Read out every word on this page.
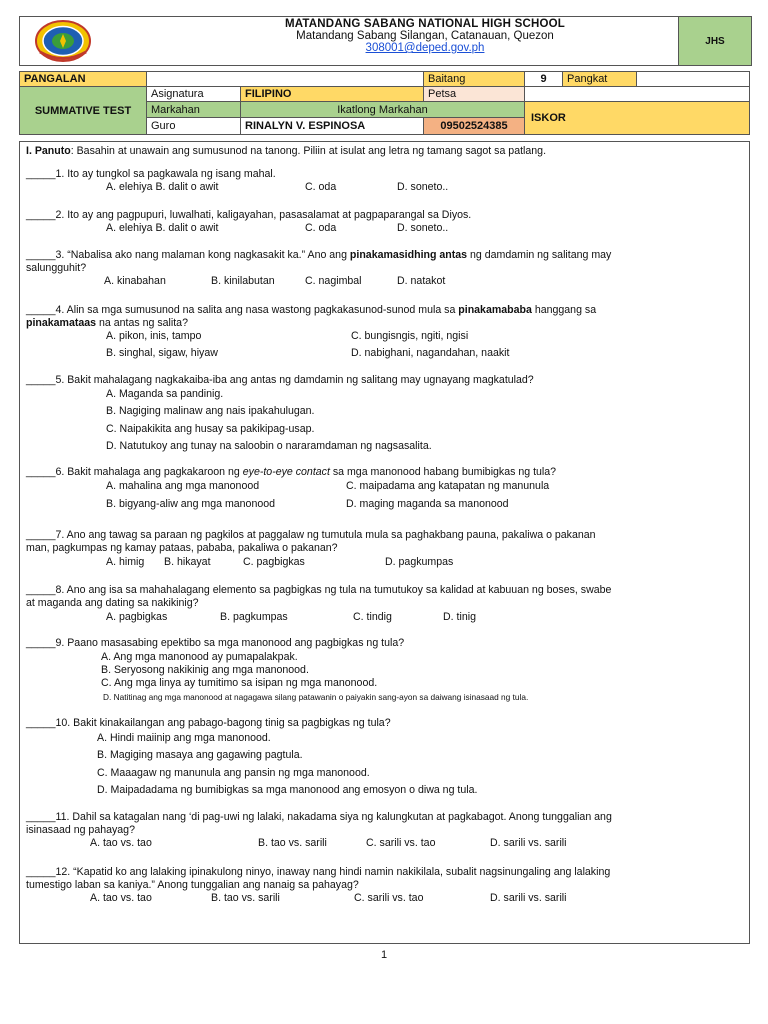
MATANDANG SABANG NATIONAL HIGH SCHOOL
Matandang Sabang Silangan, Catanauan, Quezon
308001@deped.gov.ph
JHS
PANGALAN	Baitang	9	Pangkat
SUMMATIVE TEST
Asignatura	FILIPINO	Petsa
Markahan	Ikatlong Markahan
ISKOR
Guro	RINALYN V. ESPINOSA	09502524385
I. Panuto: Basahin at unawain ang sumusunod na tanong. Piliin at isulat ang letra ng tamang sagot sa patlang.
_____1. Ito ay tungkol sa pagkawala ng isang mahal.
A. elehiya B. dalit o awit	C. oda	D. soneto..
_____2. Ito ay ang pagpupuri, luwalhati, kaligayahan, pasasalamat at pagpaparangal sa Diyos.
A. elehiya B. dalit o awit	C. oda	D. soneto..
_____3. “Nabalisa ako nang malaman kong nagkasakit ka.” Ano ang pinakamasidhing antas ng damdamin ng salitang may
salungguhit?
A. kinabahan	B. kinilabutan	C. nagimbal	D. natakot
_____4. Alin sa mga sumusunod na salita ang nasa wastong pagkakasunod-sunod mula sa pinakamababa hanggang sa
pinakamataas na antas ng salita?
A. pikon, inis, tampo	C. bungisngis, ngiti, ngisi
B. singhal, sigaw, hiyaw	D. nabighani, nagandahan, naakit
_____5. Bakit mahalagang nagkakaiba-iba ang antas ng damdamin ng salitang may ugnayang magkatulad?
A. Maganda sa pandinig.
B. Nagiging malinaw ang nais ipakahulugan.
C. Naipakikita ang husay sa pakikipag-usap.
D. Natutukoy ang tunay na saloobin o nararamdaman ng nagsasalita.
_____6. Bakit mahalaga ang pagkakaroon ng eye-to-eye contact sa mga manonood habang bumibigkas ng tula?
A. mahalina ang mga manonood	C. maipadama ang katapatan ng manunula
B. bigyang-aliw ang mga manonood	D. maging maganda sa manonood
_____7. Ano ang tawag sa paraan ng pagkilos at paggalaw ng tumutula mula sa paghakbang pauna, pakaliwa o pakanan
man, pagkumpas ng kamay pataas, pababa, pakaliwa o pakanan?
A. himig B. hikayat	C. pagbigkas	D. pagkumpas
_____8. Ano ang isa sa mahahalagang elemento sa pagbigkas ng tula na tumutukoy sa kalidad at kabuuan ng boses, swabe
at maganda ang dating sa nakikinig?
A. pagbigkas	B. pagkumpas	C. tindig	D. tinig
_____9. Paano masasabing epektibo sa mga manonood ang pagbigkas ng tula?
A. Ang mga manonood ay pumapalakpak.
B. Seryosong nakikinig ang mga manonood.
C. Ang mga linya ay tumitimo sa isipan ng mga manonood.
D. Natitinag ang mga manonood at nagagawa silang patawanin o paiyakin sang-ayon sa daiwang isinasaad ng tula.
_____10. Bakit kinakailangan ang pabago-bagong tinig sa pagbigkas ng tula?
A. Hindi maiinip ang mga manonood.
B. Magiging masaya ang gagawing pagtula.
C. Maaagaw ng manunula ang pansin ng mga manonood.
D. Maipadadama ng bumibigkas sa mga manonood ang emosyon o diwa ng tula.
_____11. Dahil sa katagalan nang ‘di pag-uwi ng lalaki, nakadama siya ng kalungkutan at pagkabagot. Anong tunggalian ang
isinasaad ng pahayag?
A. tao vs. tao	B. tao vs. sarili	C. sarili vs. tao	D. sarili vs. sarili
_____12. “Kapatid ko ang lalaking ipinakulong ninyo, inaway nang hindi namin nakikilala, subalit nagsinungaling ang lalaking
tumestigo laban sa kaniya.” Anong tunggalian ang nanaig sa pahayag?
A. tao vs. tao	B. tao vs. sarili	C. sarili vs. tao	D. sarili vs. sarili
1
